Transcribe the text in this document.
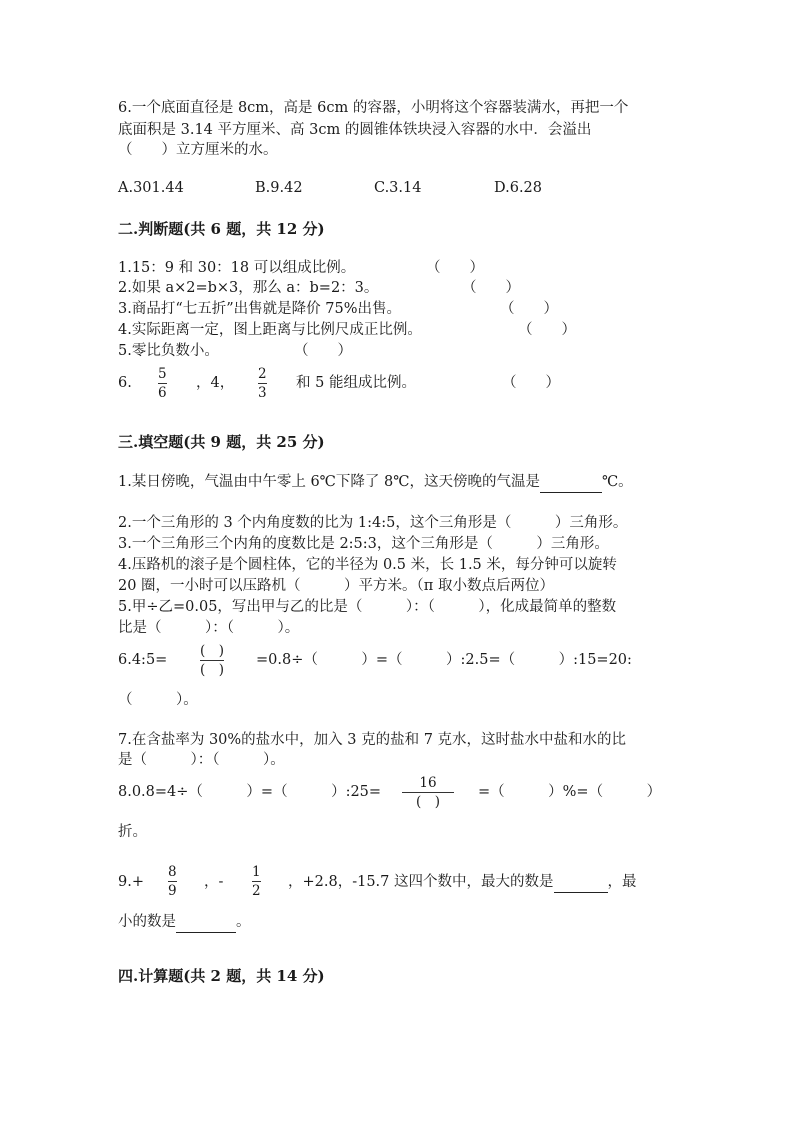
6.一个底面直径是 8cm，高是 6cm 的容器，小明将这个容器装满水，再把一个
底面积是 3.14 平方厘米、高 3cm 的圆锥体铁块浸入容器的水中．会溢出
（　　）立方厘米的水。
A.301.44	B.9.42	C.3.14	D.6.28
二.判断题(共 6 题，共 12 分)
1.15：9 和 30：18 可以组成比例。	（　　）
2.如果 a×2=b×3，那么 a：b=2：3。	（　　）
3.商品打“七五折”出售就是降价 75%出售。	（　　）
4.实际距离一定，图上距离与比例尺成正比例。	（　　）
5.零比负数小。	（　　）
6.
5
6
，4，
2
3
和 5 能组成比例。	（　　）
三.填空题(共 9 题，共 25 分)
1.某日傍晚，气温由中午零上 6℃下降了 8℃，这天傍晚的气温是	℃。
2.一个三角形的 3 个内角度数的比为 1:4:5，这个三角形是（　　　）三角形。
3.一个三角形三个内角的度数比是 2:5:3，这个三角形是（　　　）三角形。
4.压路机的滚子是个圆柱体，它的半径为 0.5 米，长 1.5 米，每分钟可以旋转
20 圈，一小时可以压路机（　　　）平方米。（π 取小数点后两位）
5.甲÷乙=0.05，写出甲与乙的比是（　　　）：（　　　），化成最简单的整数
比是（　　　）：（　　　）。
6.4:5=
(　)
(　)
=0.8÷（　　　）=（　　　）:2.5=（　　　）:15=20:
（　　　）。
7.在含盐率为 30%的盐水中，加入 3 克的盐和 7 克水，这时盐水中盐和水的比
是（　　　）：（　　　）。
8.0.8=4÷（　　　）=（　　　）:25=
16
(　)
=（　　　）%=（　　　）
折。
9.+
8
9
，-
1
2
，+2.8，-15.7 这四个数中，最大的数是	，最
小的数是	。
四.计算题(共 2 题，共 14 分)
